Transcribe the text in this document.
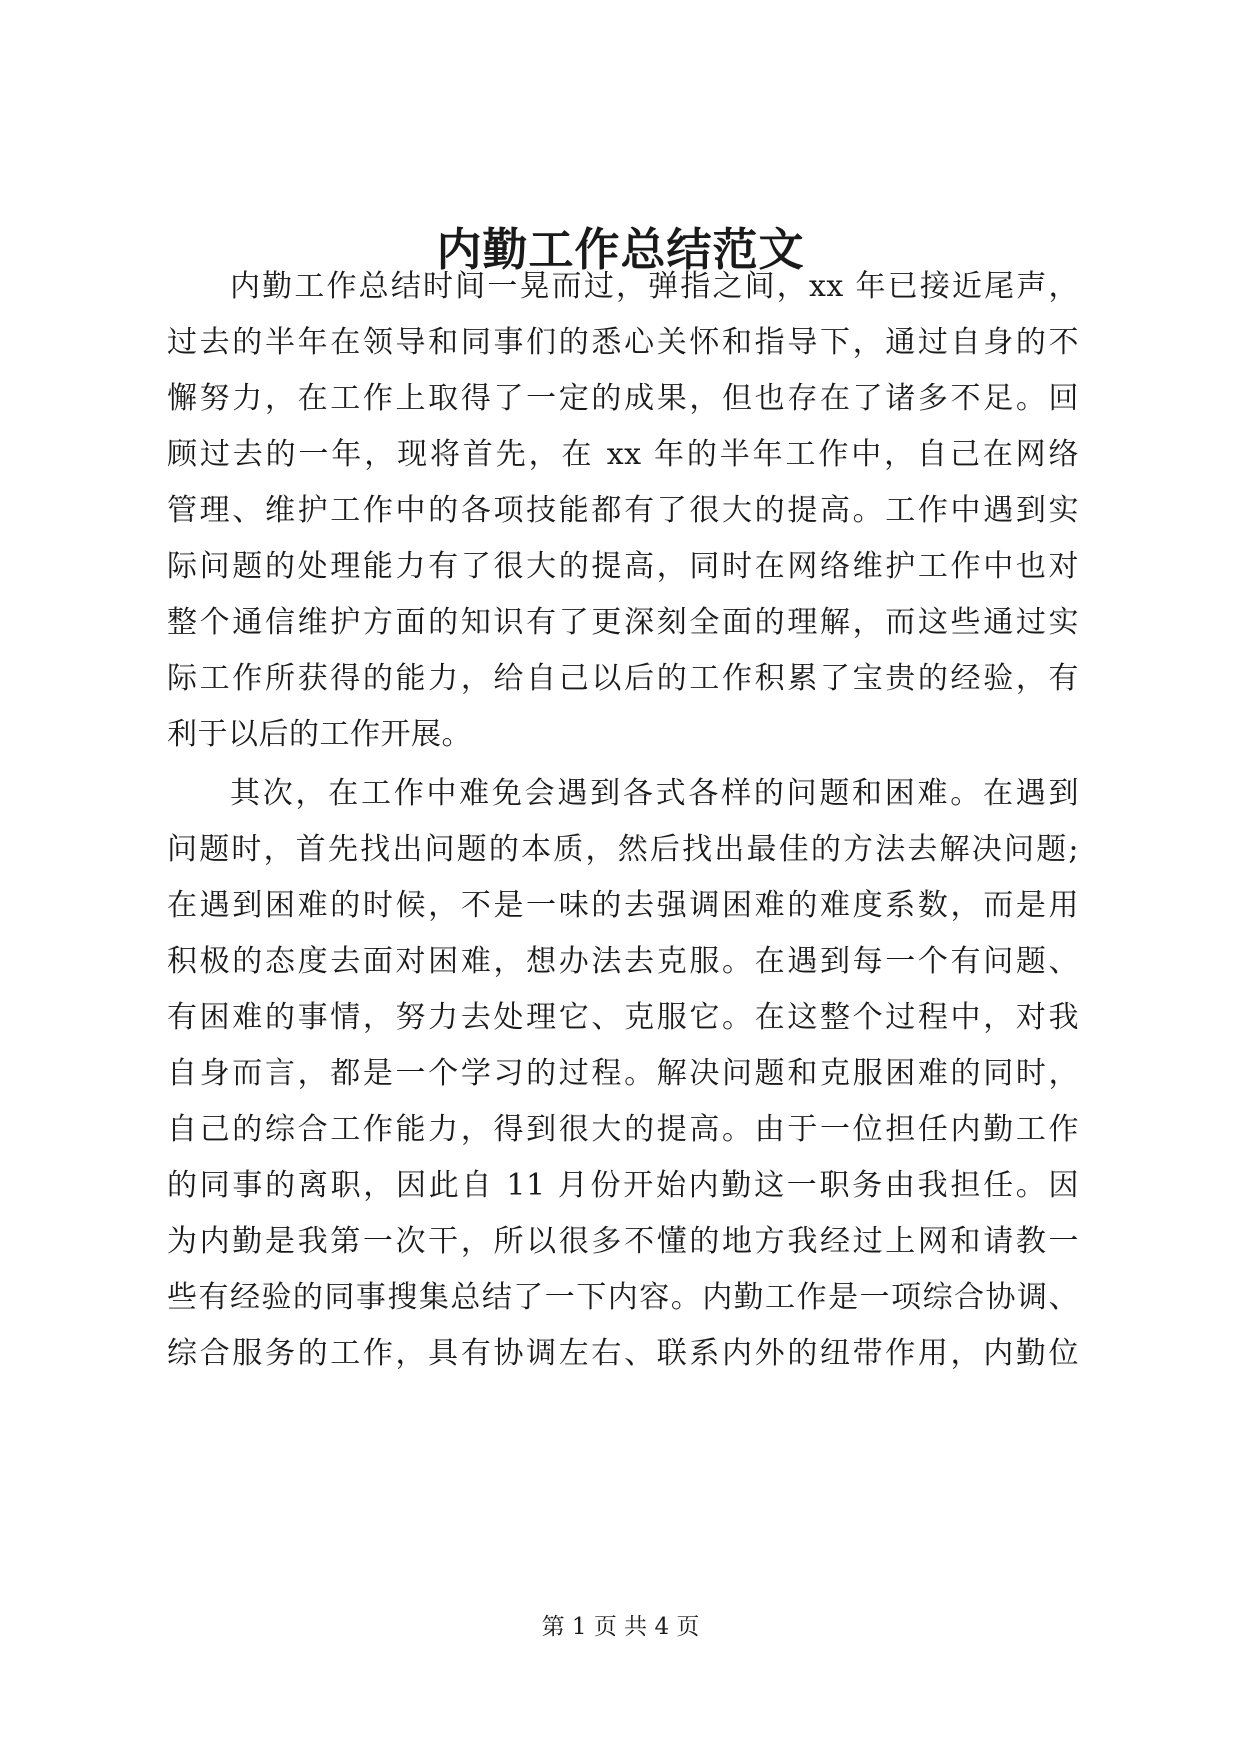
内勤工作总结范文
内勤工作总结时间一晃而过，弹指之间，xx 年已接近尾声，
过去的半年在领导和同事们的悉心关怀和指导下，通过自身的不
懈努力，在工作上取得了一定的成果，但也存在了诸多不足。回
顾过去的一年，现将首先，在 xx 年的半年工作中，自己在网络
管理、维护工作中的各项技能都有了很大的提高。工作中遇到实
际问题的处理能力有了很大的提高，同时在网络维护工作中也对
整个通信维护方面的知识有了更深刻全面的理解，而这些通过实
际工作所获得的能力，给自己以后的工作积累了宝贵的经验，有
利于以后的工作开展。
其次，在工作中难免会遇到各式各样的问题和困难。在遇到
问题时，首先找出问题的本质，然后找出最佳的方法去解决问题;
在遇到困难的时候，不是一味的去强调困难的难度系数，而是用
积极的态度去面对困难，想办法去克服。在遇到每一个有问题、
有困难的事情，努力去处理它、克服它。在这整个过程中，对我
自身而言，都是一个学习的过程。解决问题和克服困难的同时，
自己的综合工作能力，得到很大的提高。由于一位担任内勤工作
的同事的离职，因此自 11 月份开始内勤这一职务由我担任。因
为内勤是我第一次干，所以很多不懂的地方我经过上网和请教一
些有经验的同事搜集总结了一下内容。内勤工作是一项综合协调、
综合服务的工作，具有协调左右、联系内外的纽带作用，内勤位
第 1 页 共 4 页
